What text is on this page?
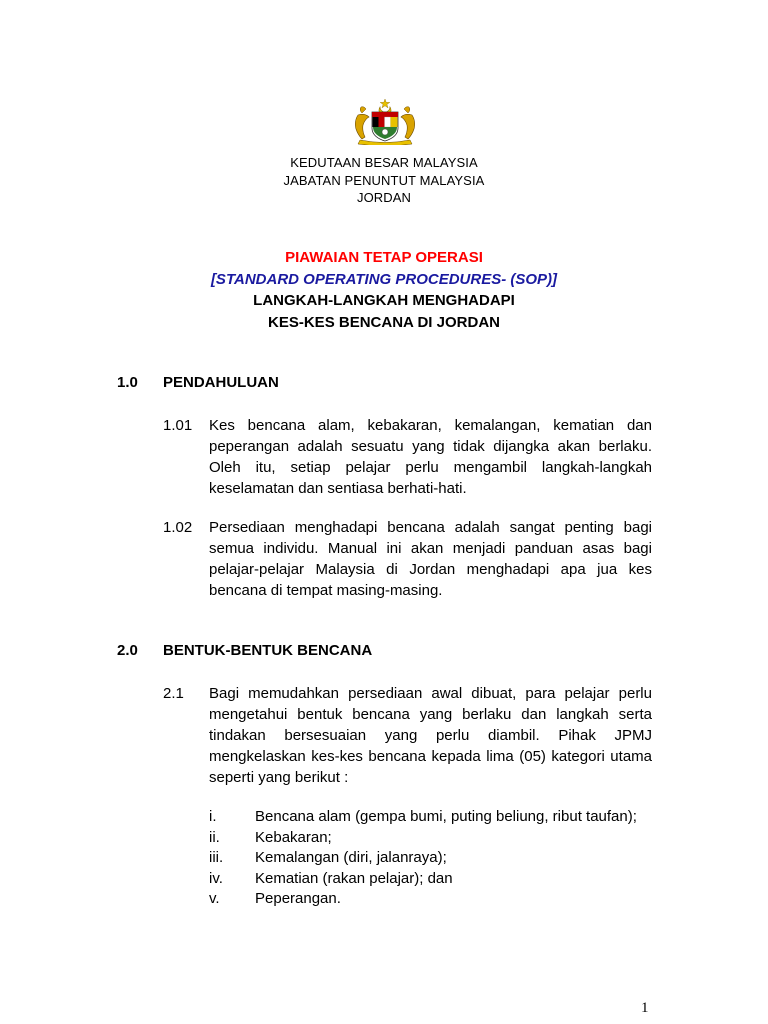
KEDUTAAN BESAR MALAYSIA
JABATAN PENUNTUT MALAYSIA
JORDAN
PIAWAIAN TETAP OPERASI
[STANDARD OPERATING PROCEDURES- (SOP)]
LANGKAH-LANGKAH MENGHADAPI
KES-KES BENCANA DI JORDAN
1.0 PENDAHULUAN
1.01 Kes bencana alam, kebakaran, kemalangan, kematian dan peperangan adalah sesuatu yang tidak dijangka akan berlaku. Oleh itu, setiap pelajar perlu mengambil langkah-langkah keselamatan dan sentiasa berhati-hati.
1.02 Persediaan menghadapi bencana adalah sangat penting bagi semua individu. Manual ini akan menjadi panduan asas bagi pelajar-pelajar Malaysia di Jordan menghadapi apa jua kes bencana di tempat masing-masing.
2.0 BENTUK-BENTUK BENCANA
2.1 Bagi memudahkan persediaan awal dibuat, para pelajar perlu mengetahui bentuk bencana yang berlaku dan langkah serta tindakan bersesuaian yang perlu diambil. Pihak JPMJ mengkelaskan kes-kes bencana kepada lima (05) kategori utama seperti yang berikut :
i.	Bencana alam (gempa bumi, puting beliung, ribut taufan);
ii. Kebakaran;
iii. Kemalangan (diri, jalanraya);
iv. Kematian (rakan pelajar); dan
v. Peperangan.
1
